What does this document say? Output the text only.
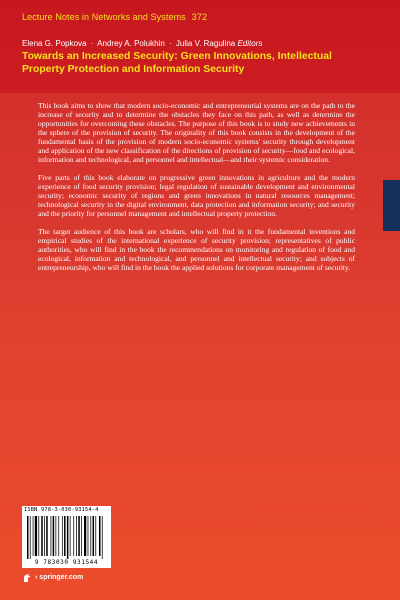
Lecture Notes in Networks and Systems 372
Elena G. Popkova · Andrey A. Polukhin · Julia V. Ragulina Editors
Towards an Increased Security: Green Innovations, Intellectual
Property Protection and Information Security

This book aims to show that modern socio-economic and entrepreneurial systems are on the path to the increase of security and to determine the obstacles they face on this path, as well as determine the opportunities for overcoming these obstacles. The purpose of this book is to study new achievements in the sphere of the provision of security. The originality of this book consists in the development of the fundamental basis of the provision of modern socio-economic systems' security through development and application of the new classification of the directions of provision of security—food and ecological, information and technological, and personnel and intellectual—and their systemic consideration.

Five parts of this book elaborate on progressive green innovations in agriculture and the modern experience of food security provision; legal regulation of sustainable development and environmental security; economic security of regions and green innovations in natural resources management; technological security in the digital environment, data protection and information security; and security and the priority for personnel management and intellectual property protection.

The target audience of this book are scholars, who will find in it the fundamental inventions and empirical studies of the international experience of security provision; representatives of public authorities, who will find in the book the recommendations on monitoring and regulation of food and ecological, information and technological, and personnel and intellectual security; and subjects of entrepreneurship, who will find in the book the applied solutions for corporate management of security.

ISBN 978-3-030-93154-4
9 783030 931544
› springer.com
